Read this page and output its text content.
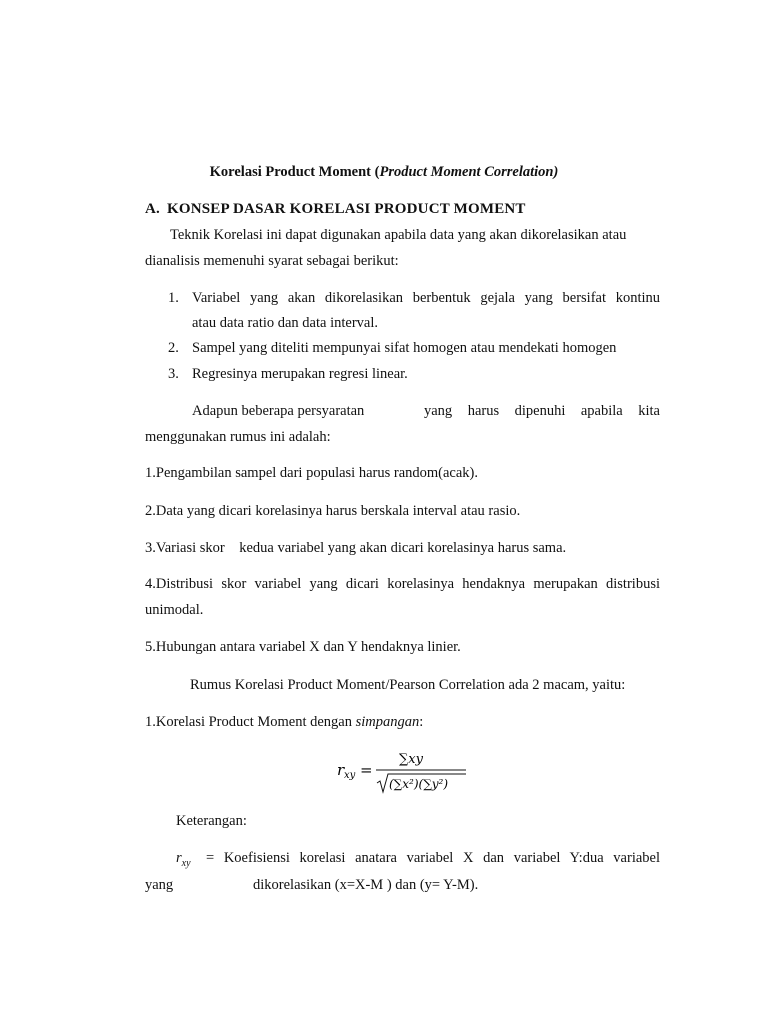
Korelasi Product Moment (Product Moment Correlation)
A. KONSEP DASAR KORELASI PRODUCT MOMENT
Teknik Korelasi ini dapat digunakan apabila data yang akan dikorelasikan atau
dianalisis memenuhi syarat sebagai berikut:
1. Variabel yang akan dikorelasikan berbentuk gejala yang bersifat kontinu
atau data ratio dan data interval.
2. Sampel yang diteliti mempunyai sifat homogen atau mendekati homogen
3. Regresinya merupakan regresi linear.
Adapun beberapa persyaratan	yang harus dipenuhi apabila kita
menggunakan rumus ini adalah:
1.Pengambilan sampel dari populasi harus random(acak).
2.Data yang dicari korelasinya harus berskala interval atau rasio.
3.Variasi skor    kedua variabel yang akan dicari korelasinya harus sama.
4.Distribusi skor variabel yang dicari korelasinya hendaknya merupakan distribusi
unimodal.
5.Hubungan antara variabel X dan Y hendaknya linier.
Rumus Korelasi Product Moment/Pearson Correlation ada 2 macam, yaitu:
1.Korelasi Product Moment dengan simpangan:
r xy =
∑xy
(∑x²)(∑y²)
Keterangan:
$r_{xy}$ = Koefisiensi korelasi anatara variabel X dan variabel Y:dua variabel
yang	dikorelasikan (x=X-M ) dan (y= Y-M).
